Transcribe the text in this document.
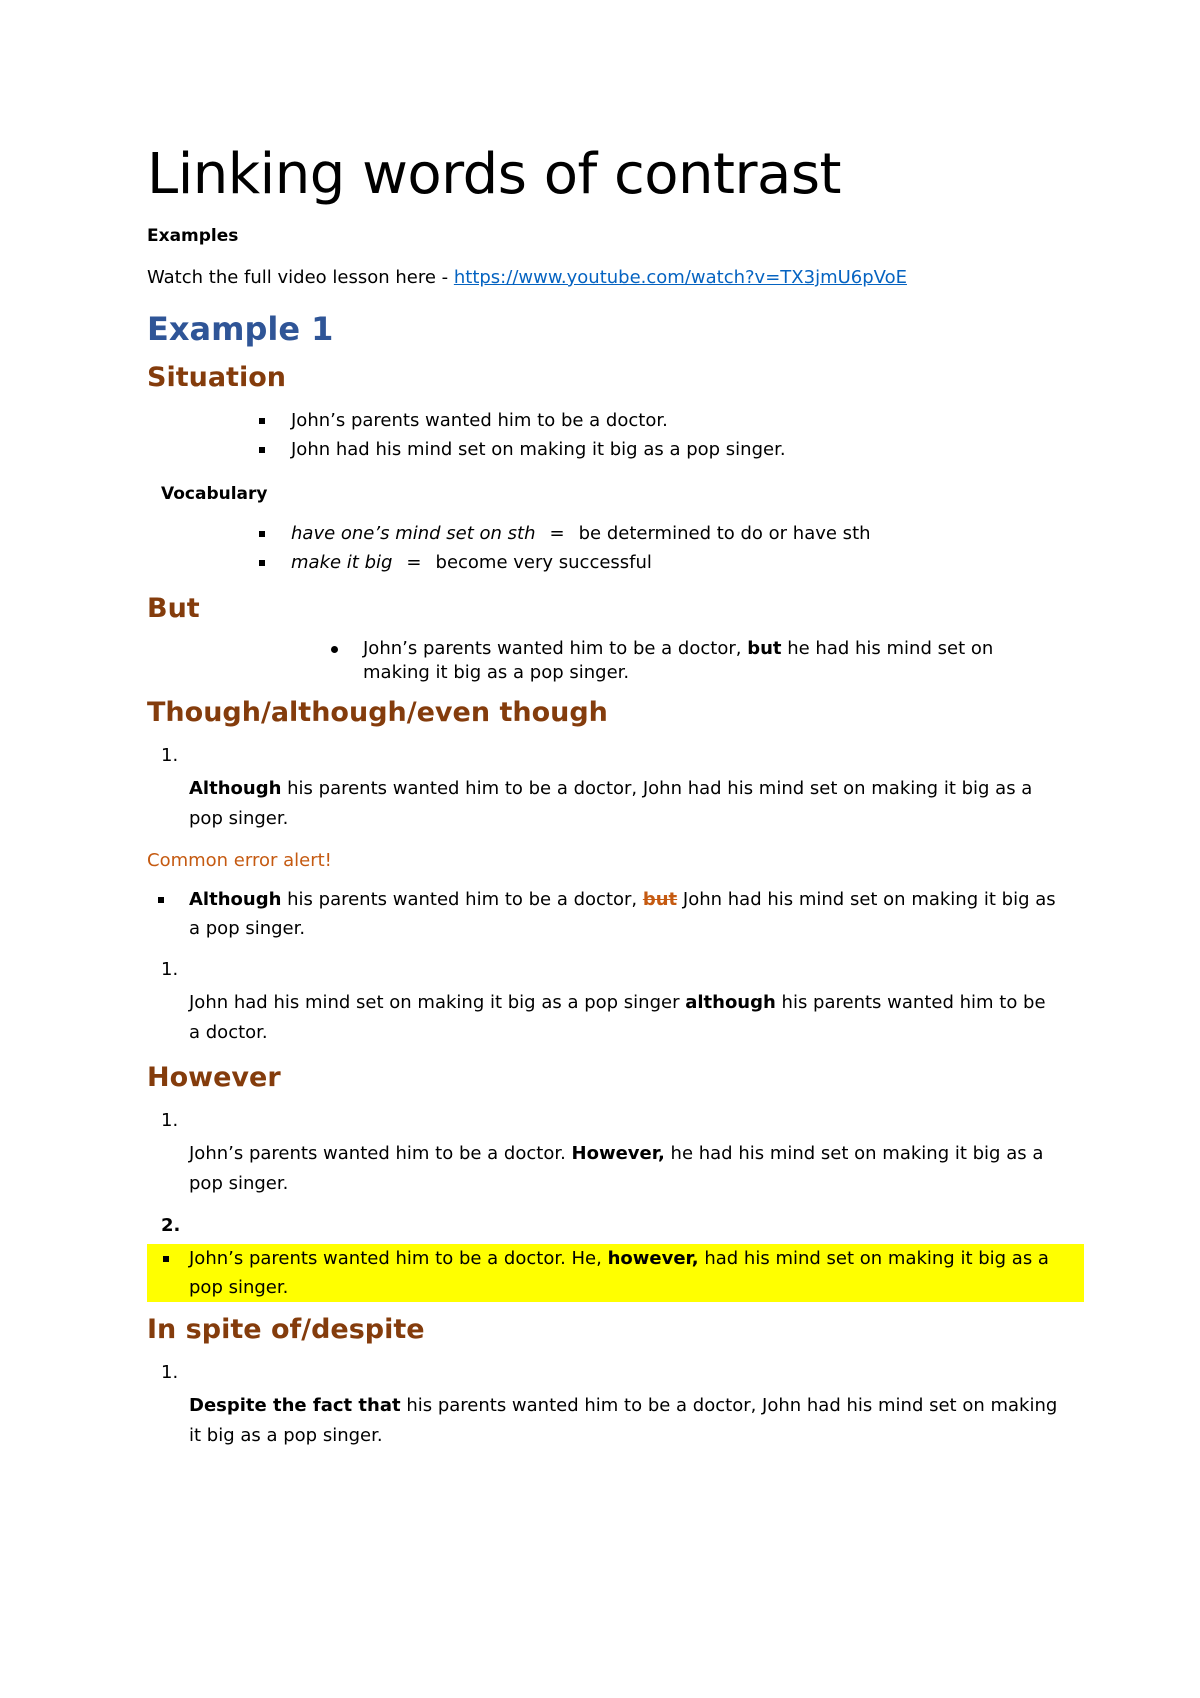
Linking words of contrast
Examples

Watch the full video lesson here - https://www.youtube.com/watch?v=TX3jmU6pVoE

Example 1
Situation
John’s parents wanted him to be a doctor.
John had his mind set on making it big as a pop singer.
Vocabulary
have one’s mind set on sth = be determined to do or have sth
make it big = become very successful
But
John’s parents wanted him to be a doctor, but he had his mind set on making it big as a pop singer.
Though/although/even though
1.

Although his parents wanted him to be a doctor, John had his mind set on making it big as a pop singer.

Common error alert!

Although his parents wanted him to be a doctor, but John had his mind set on making it big as a pop singer.

1.

John had his mind set on making it big as a pop singer although his parents wanted him to be a doctor.

However
1.

John’s parents wanted him to be a doctor. However, he had his mind set on making it big as a pop singer.

2.

John’s parents wanted him to be a doctor. He, however, had his mind set on making it big as a pop singer.

In spite of/despite
1.

Despite the fact that his parents wanted him to be a doctor, John had his mind set on making it big as a pop singer.
